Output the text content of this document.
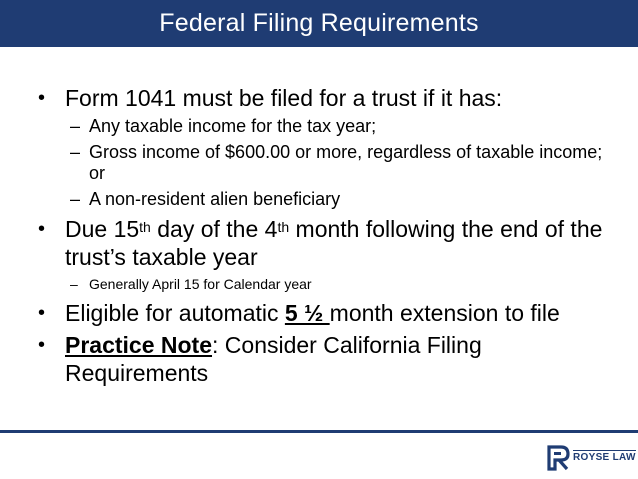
Federal Filing Requirements
• Form 1041 must be filed for a trust if it has:
– Any taxable income for the tax year;
– Gross income of $600.00 or more, regardless of taxable income; or
– A non-resident alien beneficiary
• Due 15th day of the 4th month following the end of the trust’s taxable year
– Generally April 15 for Calendar year
• Eligible for automatic 5 ½ month extension to file
• Practice Note: Consider California Filing Requirements
ROYSE LAW
